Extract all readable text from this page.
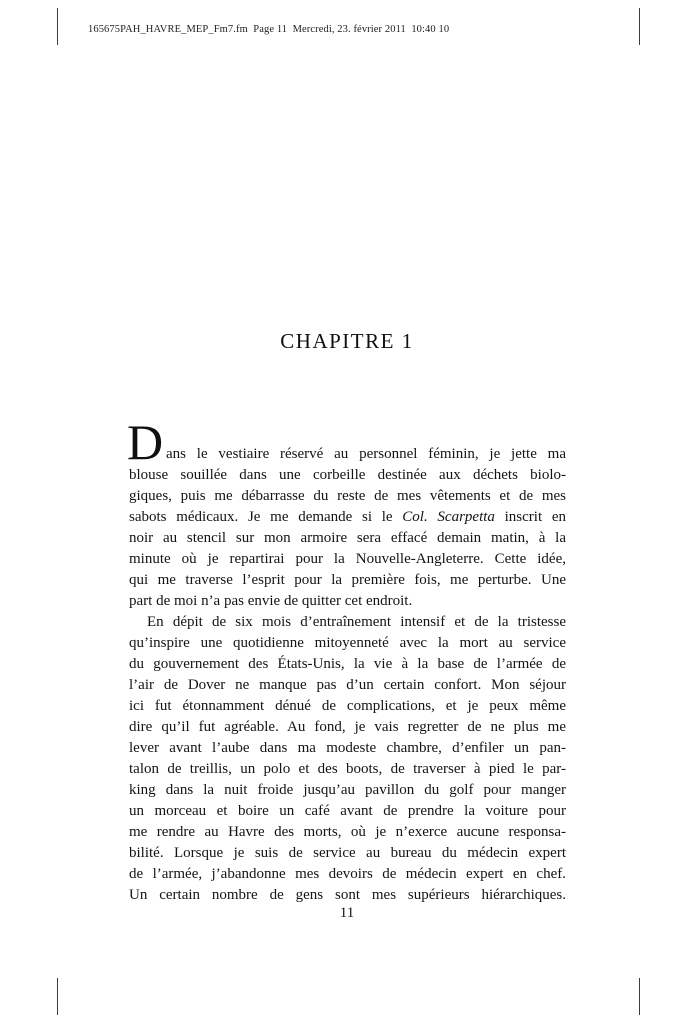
165675PAH_HAVRE_MEP_Fm7.fm  Page 11  Mercredi, 23. février 2011  10:40 10
CHAPITRE 1
D ans le vestiaire réservé au personnel féminin, je jette ma
blouse souillée dans une corbeille destinée aux déchets biolo-
giques, puis me débarrasse du reste de mes vêtements et de mes
sabots médicaux. Je me demande si le Col. Scarpetta inscrit en
noir au stencil sur mon armoire sera effacé demain matin, à la
minute où je repartirai pour la Nouvelle-Angleterre. Cette idée,
qui me traverse l’esprit pour la première fois, me perturbe. Une
part de moi n’a pas envie de quitter cet endroit.
En dépit de six mois d’entraînement intensif et de la tristesse
qu’inspire une quotidienne mitoyenneté avec la mort au service
du gouvernement des États-Unis, la vie à la base de l’armée de
l’air de Dover ne manque pas d’un certain confort. Mon séjour
ici fut étonnamment dénué de complications, et je peux même
dire qu’il fut agréable. Au fond, je vais regretter de ne plus me
lever avant l’aube dans ma modeste chambre, d’enfiler un pan-
talon de treillis, un polo et des boots, de traverser à pied le par-
king dans la nuit froide jusqu’au pavillon du golf pour manger
un morceau et boire un café avant de prendre la voiture pour
me rendre au Havre des morts, où je n’exerce aucune responsa-
bilité. Lorsque je suis de service au bureau du médecin expert
de l’armée, j’abandonne mes devoirs de médecin expert en chef.
Un certain nombre de gens sont mes supérieurs hiérarchiques.
11
